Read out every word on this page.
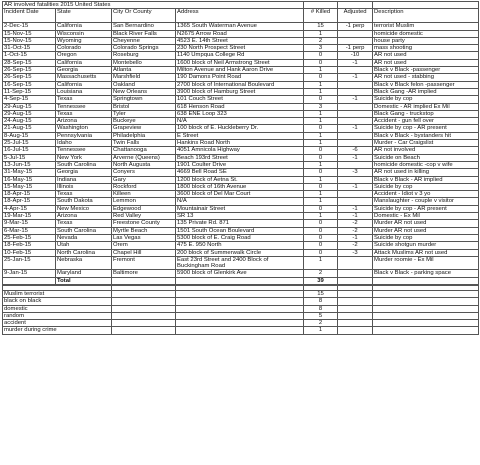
AR involved fatalities 2015 United States						
Incident Date	State	City Or County	Address	# Killed	Adjusted	Description
2-Dec-15	California	San Bernardino	1365 South Waterman Avenue	15	-1 perp	terrorist Muslim
15-Nov-15	Wisconsin	Black River Falls	N2675 Arrow Road	1		homicide domestic
15-Nov-15	Wyoming	Cheyenne	4523 E. 14th Street	2		house party
31-Oct-15	Colorado	Colorado Springs	230 North Prospect Street	3	-1 perp	mass shooting
1-Oct-15	Oregon	Roseburg	1140 Umpqua College Rd	0	-10	AR not used
28-Sep-15	California	Montebello	1600 block of Neil Armstrong Street	0	-1	AR not used
26-Sep-15	Georgia	Atlanta	Milton Avenue and Hank Aaron Drive	1		Black v Black -passenger
26-Sep-15	Massachusetts	Marshfield	190 Damons Point Road	0	-1	AR not used - stabbing
16-Sep-15	California	Oakland	2700 block of International Boulevard	1		Black v Black felon -passenger
11-Sep-15	Louisiana	New Orleans	3900 block of Hamburg Street	1		Black Gang -AR implied
4-Sep-15	Texas	Springtown	101 Couch Street	0	-1	Suicide by cop
29-Aug-15	Tennessee	Bristol	618 Henson Road	3		Domestic - AR implied Ex Mil
29-Aug-15	Texas	Tyler	638 ENE Loop 323	1		Black Gang - truckstop
24-Aug-15	Arizona	Buckeye	N/A	1		Accident - gun fell over
21-Aug-15	Washington	Grapeview	100 block of E. Huckleberry Dr.	0	-1	Suicide by cop - AR present
8-Aug-15	Pennsylvania	Philadelphia	E Street	1		Black v Black - bystanders hit
25-Jul-15	Idaho	Twin Falls	Hankins Road North	1		Murder - Car Craigslist
16-Jul-15	Tennessee	Chattanooga	4051 Amnicola Highway	0	-6	AR not involved
5-Jul-15	New York	Arverne (Queens)	Beach 193rd Street	0	-1	Suicide on Beach
13-Jun-15	South Carolina	North Augusta	1901 Coulter Drive	1		homicide domestic -cop v wife
31-May-15	Georgia	Conyers	4669 Bell Road SE	0	-3	AR not used in killing
16-May-15	Indiana	Gary	1200 block of Aetna St.	1		Black v Black - AR implied
15-May-15	Illinois	Rockford	1800 block of 16th Avenue	0	-1	Suicide by cop
18-Apr-15	Texas	Killeen	3600 block of Del Mar Court	1		Accident - Idiot v 3 yo
18-Apr-15	South Dakota	Lemmon	N/A	1		Manslaughter - couple v visitor
4-Apr-15	New Mexico	Edgewood	Mountainair Street	0	-1	Suicide by cop - AR present
19-Mar-15	Arizona	Red Valley	SR 13	1	-1	Domestic - Ex Mil
9-Mar-15	Texas	Freestone County	135 Private Rd. 871	0	-2	Murder AR not used
6-Mar-15	South Carolina	Myrtle Beach	1501 South Ocean Boulevard	0	-2	Murder AR not used
25-Feb-15	Nevada	Las Vegas	5300 block of E. Craig Road	0	-1	Suicide by cop
18-Feb-15	Utah	Orem	475 E. 950 North	0	-2	Suicide shotgun murder
10-Feb-15	North Carolina	Chapel Hill	200 block of Summerwalk Circle	0	-3	Attack Muslims AR not used
25-Jan-15	Nebraska	Fremont	East 23rd Street and 2400 Block of Buckingham Road	1		Murder roomie - Ex Mil
9-Jan-15	Maryland	Baltimore	5900 block of Glenkirk Ave	2		Black v Black - parking space
	Total			39		

Muslim terrorist			15		
black on black			8		
domestic			8		
random			5		
accident			2		
murder during crime			1		
